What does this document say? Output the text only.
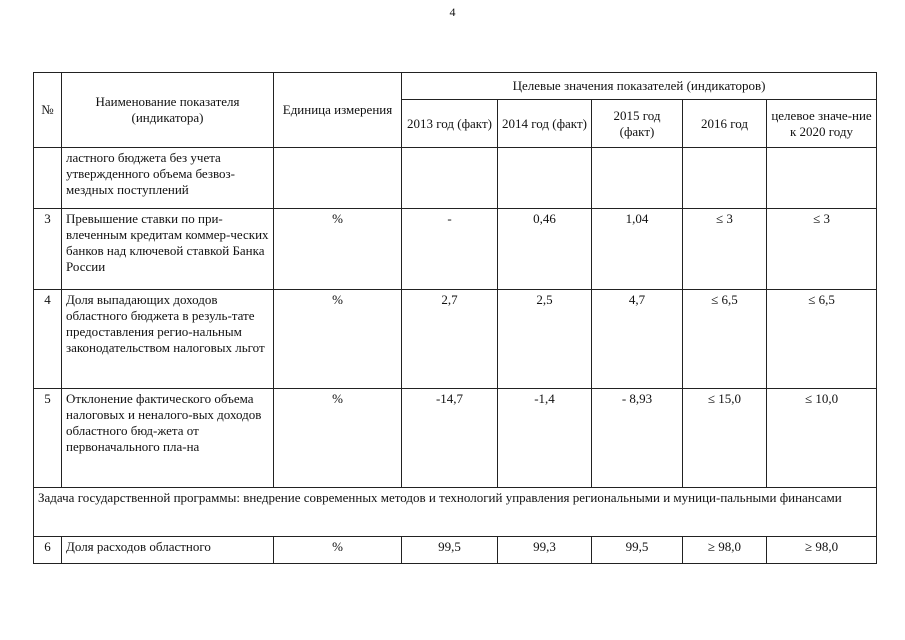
4
№	Наименование показателя (индикатора)	Единица измерения	Целевые значения показателей (индикаторов)				
			2013 год (факт)	2014 год (факт)	2015 год (факт)	2016 год	целевое значе-ние к 2020 году
	ластного бюджета без учета утвержденного объема безвоз-мездных поступлений						
3	Превышение ставки по при-влеченным кредитам коммер-ческих банков над ключевой ставкой Банка России	%	-	0,46	1,04	≤ 3	≤ 3
4	Доля выпадающих доходов областного бюджета в резуль-тате предоставления регио-нальным законодательством налоговых льгот	%	2,7	2,5	4,7	≤ 6,5	≤ 6,5
5	Отклонение фактического объема налоговых и неналого-вых доходов областного бюд-жета от первоначального пла-на	%	-14,7	-1,4	- 8,93	≤ 15,0	≤ 10,0
Задача государственной программы: внедрение современных методов и технологий управления региональными и муници-пальными финансами							
6	Доля расходов областного	%	99,5	99,3	99,5	≥ 98,0	≥ 98,0
